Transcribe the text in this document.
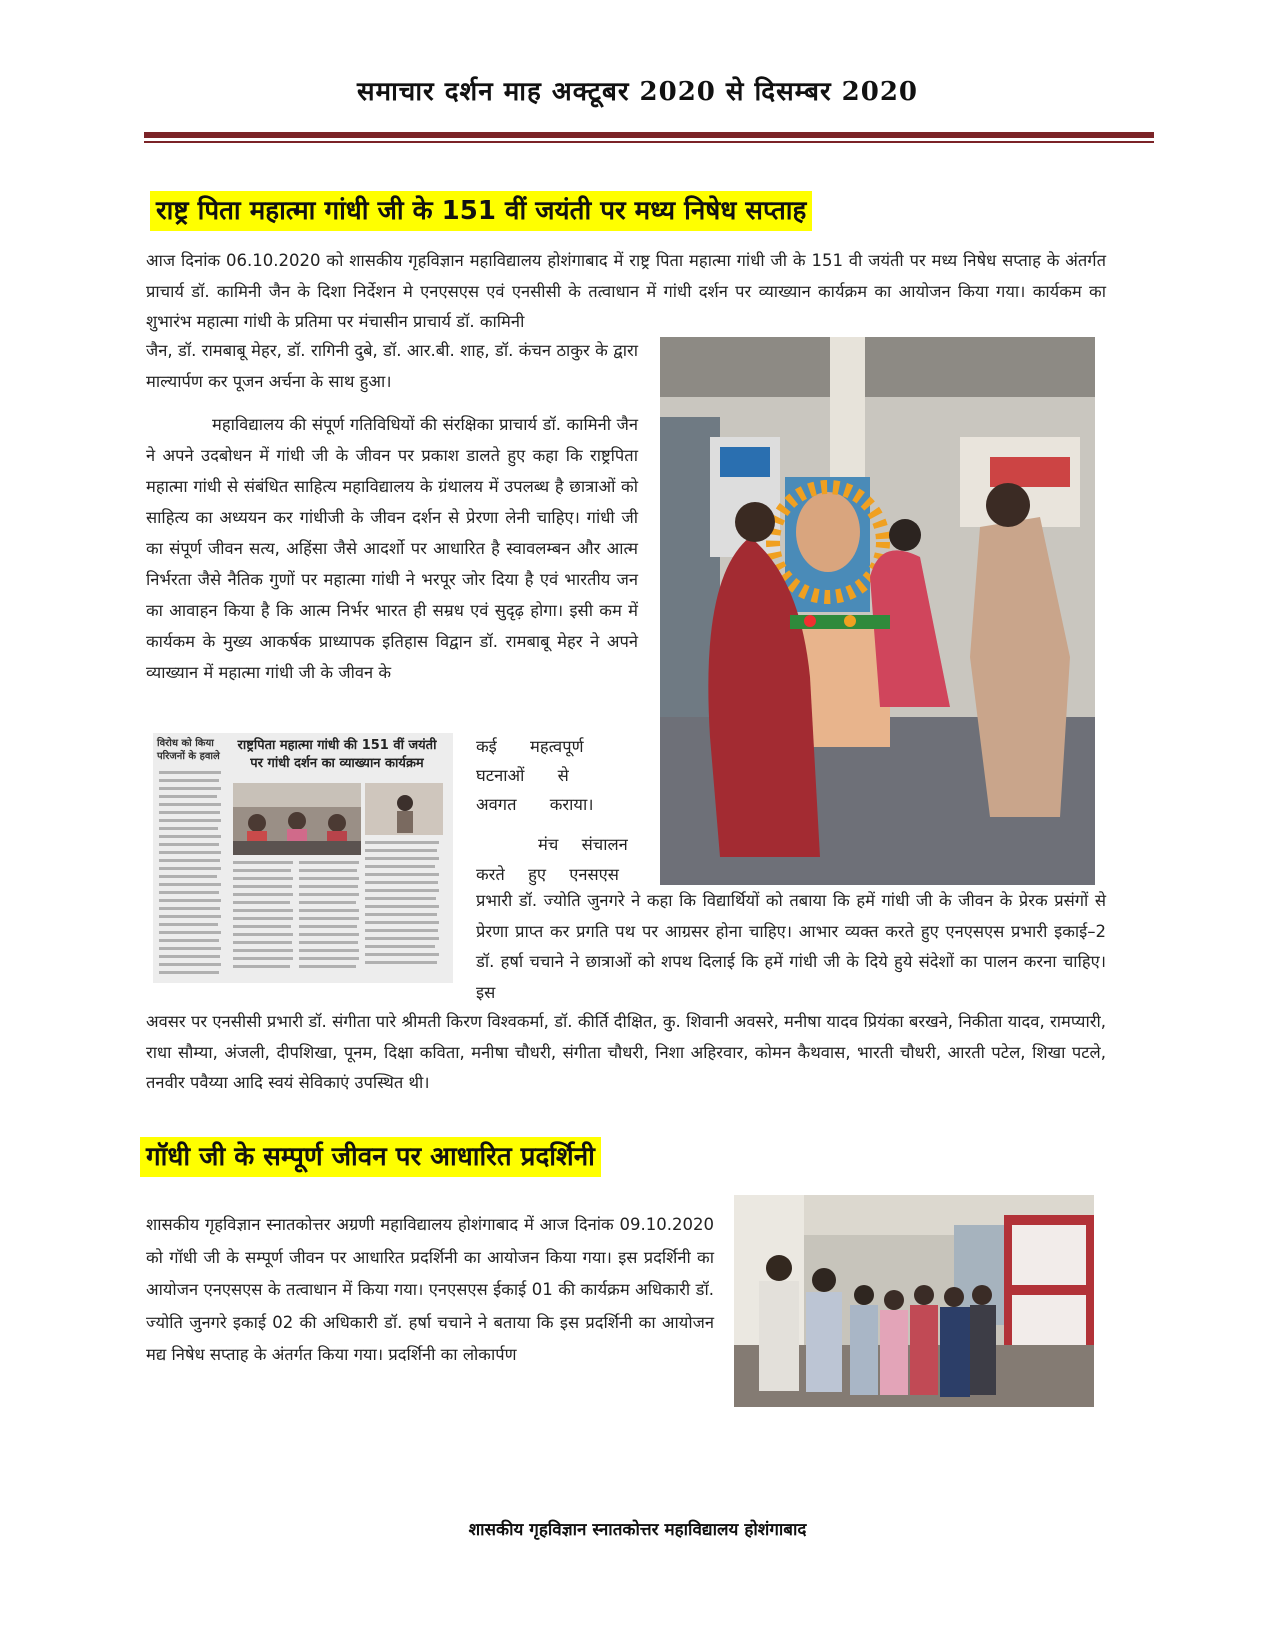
समाचार दर्शन माह अक्टूबर 2020 से दिसम्बर 2020
राष्ट्र पिता महात्मा गांधी जी के 151 वीं जयंती पर मध्य निषेध सप्ताह
आज दिनांक 06.10.2020 को शासकीय गृहविज्ञान महाविद्यालय होशंगाबाद में राष्ट्र पिता महात्मा गांधी जी के 151 वी जयंती पर मध्य निषेध सप्ताह के अंतर्गत प्राचार्य डॉ. कामिनी जैन के दिशा निर्देशन मे एनएसएस एवं एनसीसी के तत्वाधान में गांधी दर्शन पर व्याख्यान कार्यक्रम का आयोजन किया गया। कार्यकम का शुभारंभ महात्मा गांधी के प्रतिमा पर मंचासीन प्राचार्य डॉ. कामिनी
जैन, डॉ. रामबाबू मेहर, डॉ. रागिनी दुबे, डॉ. आर.बी. शाह, डॉ. कंचन ठाकुर के द्वारा माल्यार्पण कर पूजन अर्चना के साथ हुआ।
महाविद्यालय की संपूर्ण गतिविधियों की संरक्षिका प्राचार्य डॉ. कामिनी जैन ने अपने उदबोधन में गांधी जी के जीवन पर प्रकाश डालते हुए कहा कि राष्ट्रपिता महात्मा गांधी से संबंधित साहित्य महाविद्यालय के ग्रंथालय में उपलब्ध है छात्राओं को साहित्य का अध्ययन कर गांधीजी के जीवन दर्शन से प्रेरणा लेनी चाहिए। गांधी जी का संपूर्ण जीवन सत्य, अहिंसा जैसे आदर्शो पर आधारित है स्वावलम्बन और आत्म निर्भरता जैसे नैतिक गुणों पर महात्मा गांधी ने भरपूर जोर दिया है एवं भारतीय जन का आवाहन किया है कि आत्म निर्भर भारत ही सम्रध एवं सुदृढ़ होगा। इसी कम में कार्यकम के मुख्य आकर्षक प्राध्यापक इतिहास विद्वान डॉ. रामबाबू मेहर ने अपने व्याख्यान में महात्मा गांधी जी के जीवन के
विरोध को किया परिजनों के हवाले
राष्ट्रपिता महात्मा गांधी की 151 वीं जयंती पर गांधी दर्शन का व्याख्यान कार्यक्रम
कई महत्वपूर्ण घटनाओं से अवगत कराया।
मंच संचालन करते हुए एनसएस
प्रभारी डॉ. ज्योति जुनगरे ने कहा कि विद्यार्थियों को तबाया कि हमें गांधी जी के जीवन के प्रेरक प्रसंगों से प्रेरणा प्राप्त कर प्रगति पथ पर आग्रसर होना चाहिए। आभार व्यक्त करते हुए एनएसएस प्रभारी इकाई–2 डॉ. हर्षा चचाने ने छात्राओं को शपथ दिलाई कि हमें गांधी जी के दिये हुये संदेशों का पालन करना चाहिए। इस
अवसर पर एनसीसी प्रभारी डॉ. संगीता पारे श्रीमती किरण विश्वकर्मा, डॉ. कीर्ति दीक्षित, कु. शिवानी अवसरे, मनीषा यादव प्रियंका बरखने, निकीता यादव, रामप्यारी, राधा सौम्या, अंजली, दीपशिखा, पूनम, दिक्षा कविता, मनीषा चौधरी, संगीता चौधरी, निशा अहिरवार, कोमन कैथवास, भारती चौधरी, आरती पटेल, शिखा पटले, तनवीर पवैय्या आदि स्वयं सेविकाएं उपस्थित थी।
गॉधी जी के सम्पूर्ण जीवन पर आधारित प्रदर्शिनी
शासकीय गृहविज्ञान स्नातकोत्तर अग्रणी महाविद्यालय होशंगाबाद में आज दिनांक 09.10.2020 को गॉधी जी के सम्पूर्ण जीवन पर आधारित प्रदर्शिनी का आयोजन किया गया। इस प्रदर्शिनी का आयोजन एनएसएस के तत्वाधान में किया गया। एनएसएस ईकाई 01 की कार्यक्रम अधिकारी डॉ. ज्योति जुनगरे इकाई 02 की अधिकारी डॉ. हर्षा चचाने ने बताया कि इस प्रदर्शिनी का आयोजन मद्य निषेध सप्ताह के अंतर्गत किया गया। प्रदर्शिनी का लोकार्पण
शासकीय गृहविज्ञान स्नातकोत्तर महाविद्यालय होशंगाबाद
